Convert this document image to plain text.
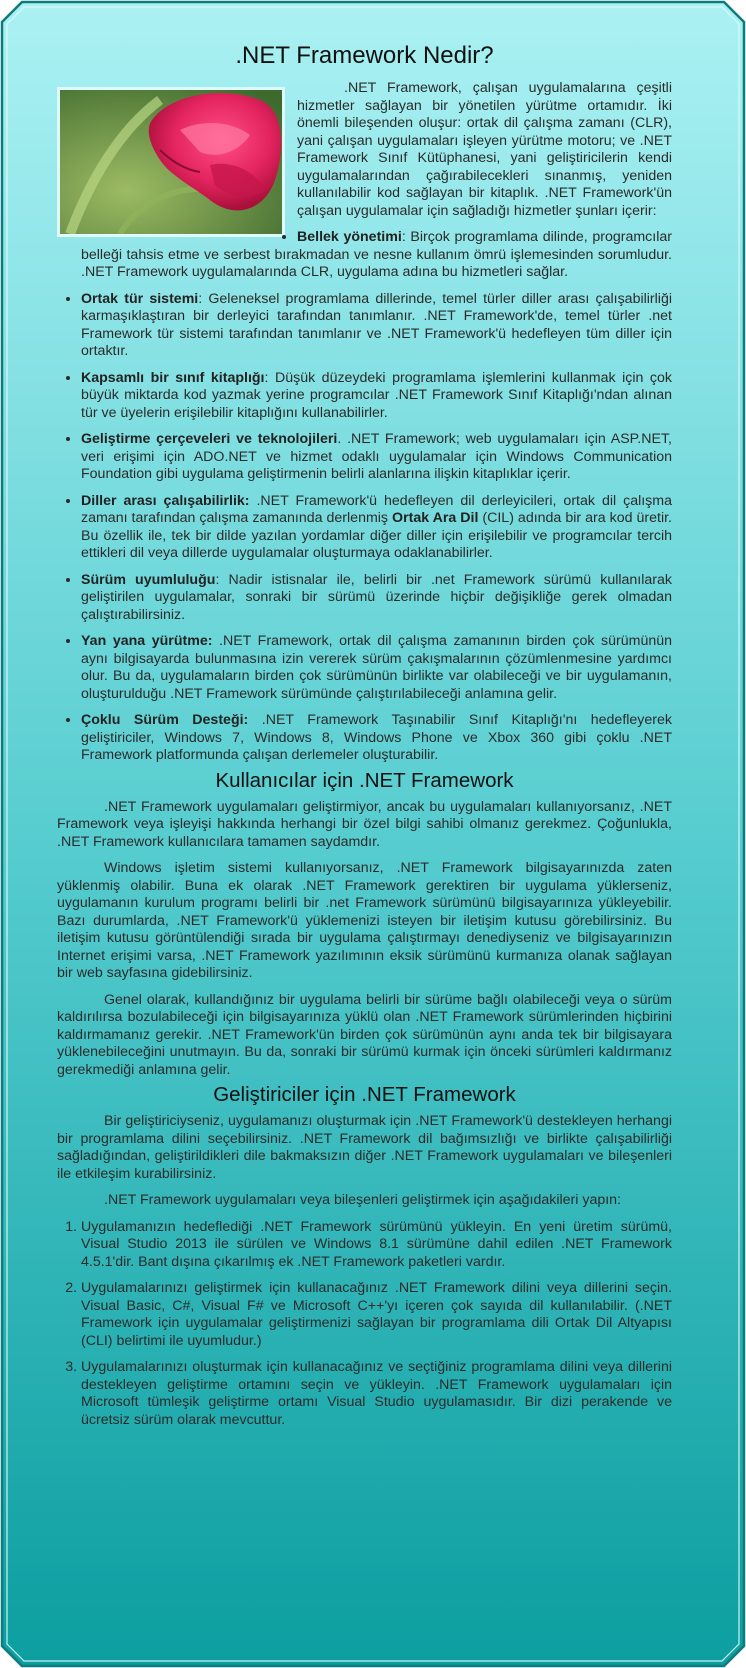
.NET Framework Nedir?

.NET Framework, çalışan uygulamalarına çeşitli hizmetler sağlayan bir yönetilen yürütme ortamıdır. İki önemli bileşenden oluşur: ortak dil çalışma zamanı (CLR), yani çalışan uygulamaları işleyen yürütme motoru; ve .NET Framework Sınıf Kütüphanesi, yani geliştiricilerin kendi uygulamalarından çağırabilecekleri sınanmış, yeniden kullanılabilir kod sağlayan bir kitaplık. .NET Framework'ün çalışan uygulamalar için sağladığı hizmetler şunları içerir:

• Bellek yönetimi: Birçok programlama dilinde, programcılar belleği tahsis etme ve serbest bırakmadan ve nesne kullanım ömrü işlemesinden sorumludur. .NET Framework uygulamalarında CLR, uygulama adına bu hizmetleri sağlar.
• Ortak tür sistemi: Geleneksel programlama dillerinde, temel türler diller arası çalışabilirliği karmaşıklaştıran bir derleyici tarafından tanımlanır. .NET Framework'de, temel türler .net Framework tür sistemi tarafından tanımlanır ve .NET Framework'ü hedefleyen tüm diller için ortaktır.
• Kapsamlı bir sınıf kitaplığı: Düşük düzeydeki programlama işlemlerini kullanmak için çok büyük miktarda kod yazmak yerine programcılar .NET Framework Sınıf Kitaplığı'ndan alınan tür ve üyelerin erişilebilir kitaplığını kullanabilirler.
• Geliştirme çerçeveleri ve teknolojileri. .NET Framework; web uygulamaları için ASP.NET, veri erişimi için ADO.NET ve hizmet odaklı uygulamalar için Windows Communication Foundation gibi uygulama geliştirmenin belirli alanlarına ilişkin kitaplıklar içerir.
• Diller arası çalışabilirlik: .NET Framework'ü hedefleyen dil derleyicileri, ortak dil çalışma zamanı tarafından çalışma zamanında derlenmiş Ortak Ara Dil (CIL) adında bir ara kod üretir. Bu özellik ile, tek bir dilde yazılan yordamlar diğer diller için erişilebilir ve programcılar tercih ettikleri dil veya dillerde uygulamalar oluşturmaya odaklanabilirler.
• Sürüm uyumluluğu: Nadir istisnalar ile, belirli bir .net Framework sürümü kullanılarak geliştirilen uygulamalar, sonraki bir sürümü üzerinde hiçbir değişikliğe gerek olmadan çalıştırabilirsiniz.
• Yan yana yürütme: .NET Framework, ortak dil çalışma zamanının birden çok sürümünün aynı bilgisayarda bulunmasına izin vererek sürüm çakışmalarının çözümlenmesine yardımcı olur. Bu da, uygulamaların birden çok sürümünün birlikte var olabileceği ve bir uygulamanın, oluşturulduğu .NET Framework sürümünde çalıştırılabileceği anlamına gelir.
• Çoklu Sürüm Desteği: .NET Framework Taşınabilir Sınıf Kitaplığı'nı hedefleyerek geliştiriciler, Windows 7, Windows 8, Windows Phone ve Xbox 360 gibi çoklu .NET Framework platformunda çalışan derlemeler oluşturabilir.
Kullanıcılar için .NET Framework

.NET Framework uygulamaları geliştirmiyor, ancak bu uygulamaları kullanıyorsanız, .NET Framework veya işleyişi hakkında herhangi bir özel bilgi sahibi olmanız gerekmez. Çoğunlukla, .NET Framework kullanıcılara tamamen saydamdır.

Windows işletim sistemi kullanıyorsanız, .NET Framework bilgisayarınızda zaten yüklenmiş olabilir. Buna ek olarak .NET Framework gerektiren bir uygulama yüklerseniz, uygulamanın kurulum programı belirli bir .net Framework sürümünü bilgisayarınıza yükleyebilir. Bazı durumlarda, .NET Framework'ü yüklemenizi isteyen bir iletişim kutusu görebilirsiniz. Bu iletişim kutusu görüntülendiği sırada bir uygulama çalıştırmayı denediyseniz ve bilgisayarınızın Internet erişimi varsa, .NET Framework yazılımının eksik sürümünü kurmanıza olanak sağlayan bir web sayfasına gidebilirsiniz.

Genel olarak, kullandığınız bir uygulama belirli bir sürüme bağlı olabileceği veya o sürüm kaldırılırsa bozulabileceği için bilgisayarınıza yüklü olan .NET Framework sürümlerinden hiçbirini kaldırmamanız gerekir. .NET Framework'ün birden çok sürümünün aynı anda tek bir bilgisayara yüklenebileceğini unutmayın. Bu da, sonraki bir sürümü kurmak için önceki sürümleri kaldırmanız gerekmediği anlamına gelir.

Geliştiriciler için .NET Framework

Bir geliştiriciyseniz, uygulamanızı oluşturmak için .NET Framework'ü destekleyen herhangi bir programlama dilini seçebilirsiniz. .NET Framework dil bağımsızlığı ve birlikte çalışabilirliği sağladığından, geliştirildikleri dile bakmaksızın diğer .NET Framework uygulamaları ve bileşenleri ile etkileşim kurabilirsiniz.

.NET Framework uygulamaları veya bileşenleri geliştirmek için aşağıdakileri yapın:

1. Uygulamanızın hedeflediği .NET Framework sürümünü yükleyin. En yeni üretim sürümü, Visual Studio 2013 ile sürülen ve Windows 8.1 sürümüne dahil edilen .NET Framework 4.5.1'dir. Bant dışına çıkarılmış ek .NET Framework paketleri vardır.
2. Uygulamalarınızı geliştirmek için kullanacağınız .NET Framework dilini veya dillerini seçin. Visual Basic, C#, Visual F# ve Microsoft C++'yı içeren çok sayıda dil kullanılabilir. (.NET Framework için uygulamalar geliştirmenizi sağlayan bir programlama dili Ortak Dil Altyapısı (CLI) belirtimi ile uyumludur.)
3. Uygulamalarınızı oluşturmak için kullanacağınız ve seçtiğiniz programlama dilini veya dillerini destekleyen geliştirme ortamını seçin ve yükleyin. .NET Framework uygulamaları için Microsoft tümleşik geliştirme ortamı Visual Studio uygulamasıdır. Bir dizi perakende ve ücretsiz sürüm olarak mevcuttur.
